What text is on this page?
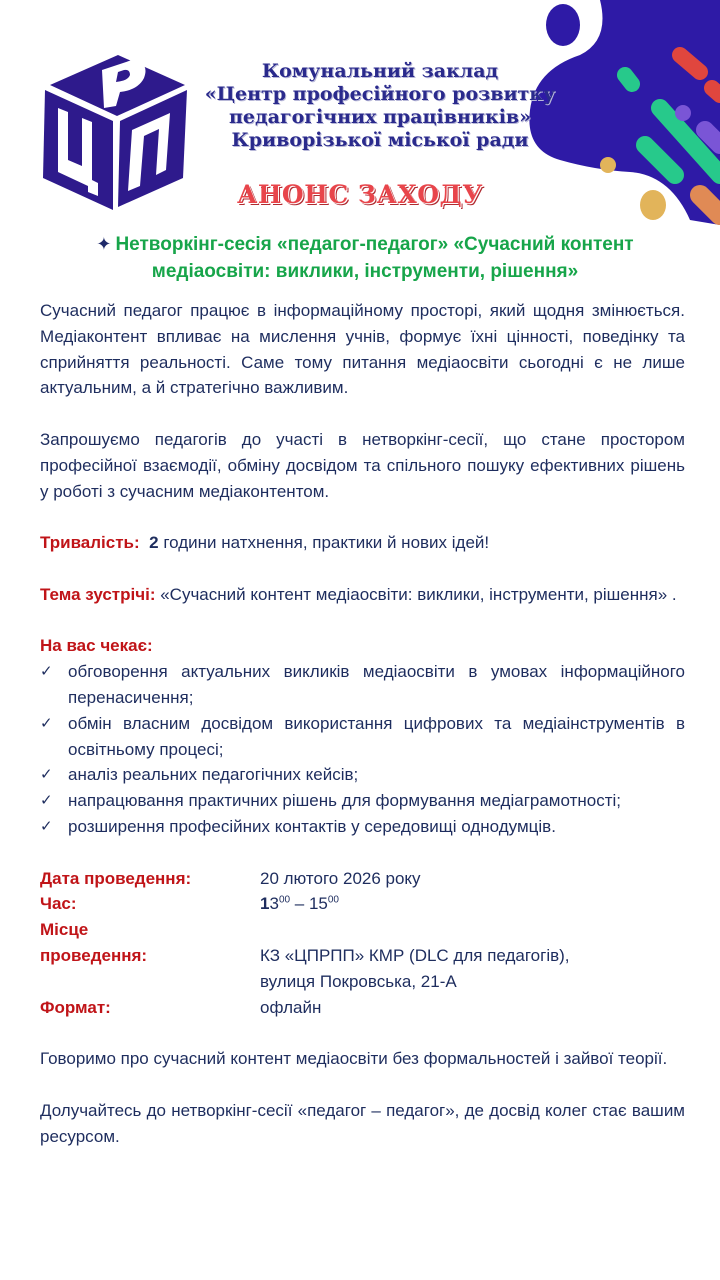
Комунальний заклад
«Центр професійного розвитку
педагогічних працівників»
Криворізької міської ради
АНОНС ЗАХОДУ
✦ Нетворкінг-сесія «педагог-педагог» «Сучасний контент медіаосвіти: виклики, інструменти, рішення»

Сучасний педагог працює в інформаційному просторі, який щодня змінюється. Медіаконтент впливає на мислення учнів, формує їхні цінності, поведінку та сприйняття реальності. Саме тому питання медіаосвіти сьогодні є не лише актуальним, а й стратегічно важливим.

Запрошуємо педагогів до участі в нетворкінг-сесії, що стане простором професійної взаємодії, обміну досвідом та спільного пошуку ефективних рішень у роботі з сучасним медіаконтентом.

Тривалість: 2 години натхнення, практики й нових ідей!

Тема зустрічі: «Сучасний контент медіаосвіти: виклики, інструменти, рішення» .

На вас чекає:
✓ обговорення актуальних викликів медіаосвіти в умовах інформаційного перенасичення;
✓ обмін власним досвідом використання цифрових та медіаінструментів в освітньому процесі;
✓ аналіз реальних педагогічних кейсів;
✓ напрацювання практичних рішень для формування медіаграмотності;
✓ розширення професійних контактів у середовищі однодумців.
Дата проведення:	20 лютого 2026 року
Час:	$13^{00} - 15^{00}$
Місце
проведення:	КЗ «ЦПРПП» КМР (DLC для педагогів),
вулиця Покровська, 21-А
Формат:	офлайн

Говоримо про сучасний контент медіаосвіти без формальностей і зайвої теорії.

Долучайтесь до нетворкінг-сесії «педагог – педагог», де досвід колег стає вашим ресурсом.
